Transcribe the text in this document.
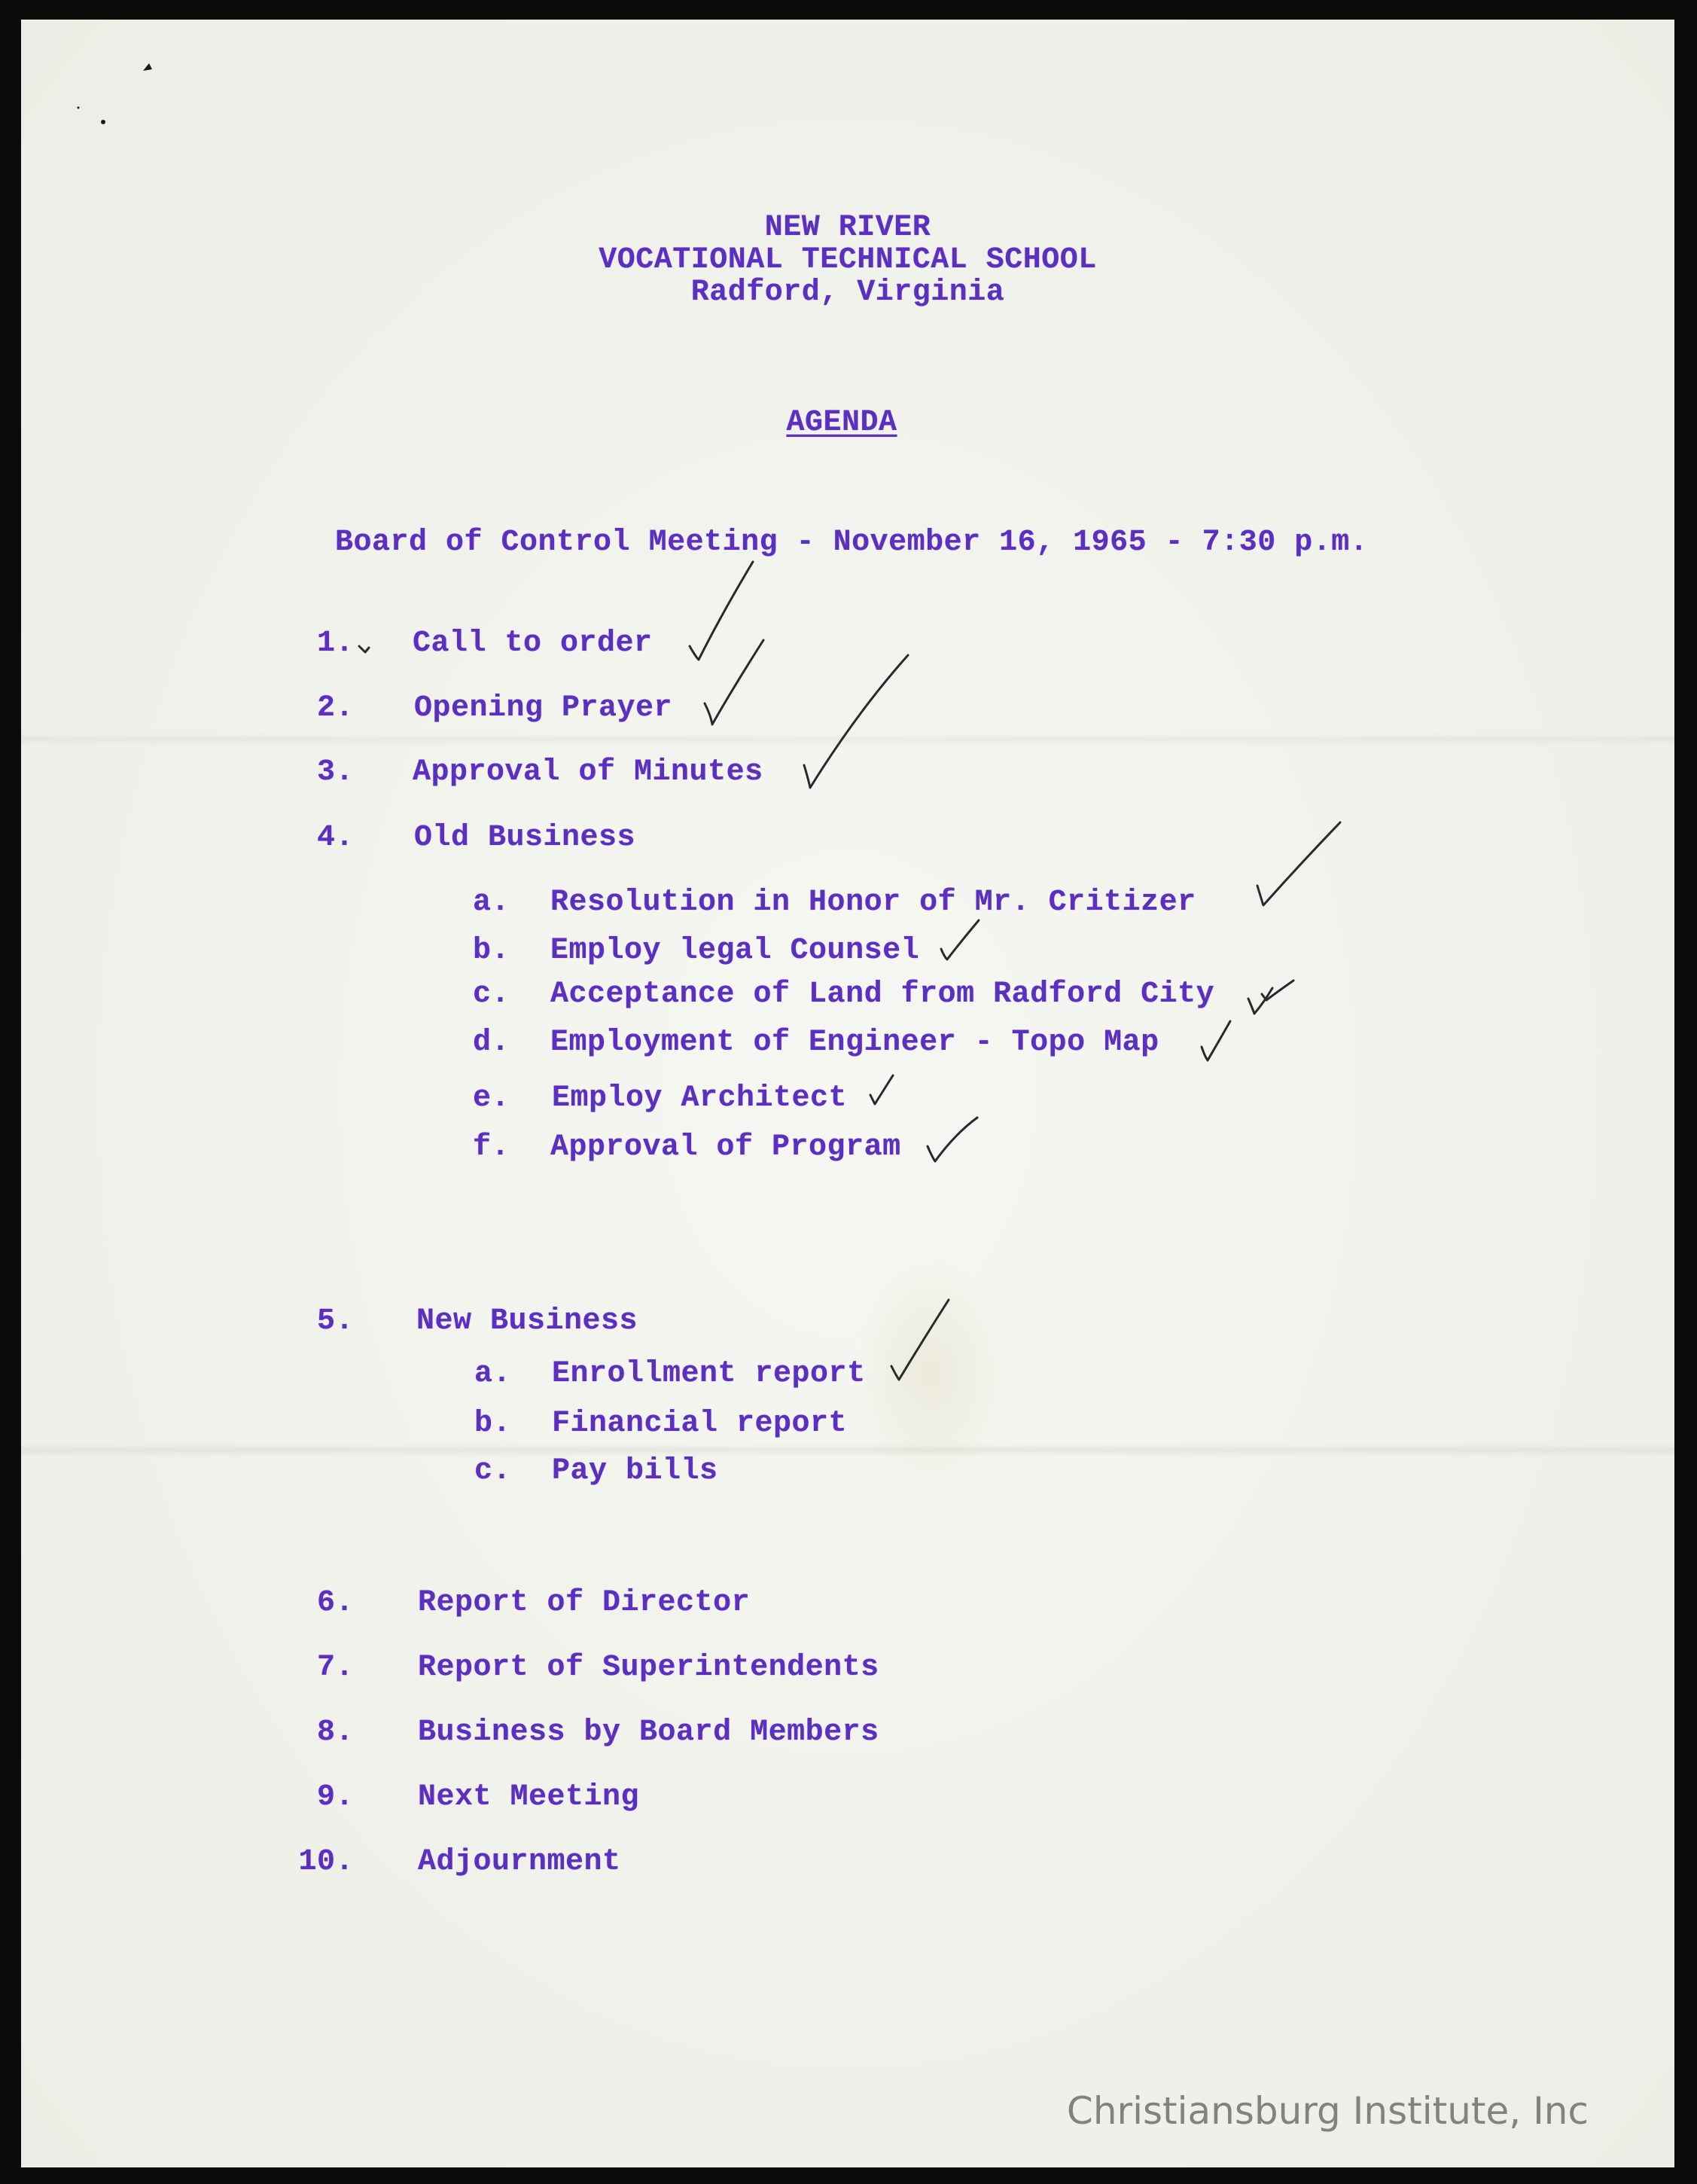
NEW RIVER
VOCATIONAL TECHNICAL SCHOOL
Radford, Virginia
AGENDA
Board of Control Meeting - November 16, 1965 - 7:30 p.m.
1. Call to order
2. Opening Prayer
3. Approval of Minutes
4. Old Business
a. Resolution in Honor of Mr. Critizer
b. Employ legal Counsel
c. Acceptance of Land from Radford City
d. Employment of Engineer - Topo Map
e. Employ Architect
f. Approval of Program
5. New Business
a. Enrollment report
b. Financial report
c. Pay bills
6. Report of Director
7. Report of Superintendents
8. Business by Board Members
9. Next Meeting
10. Adjournment
Christiansburg Institute, Inc
